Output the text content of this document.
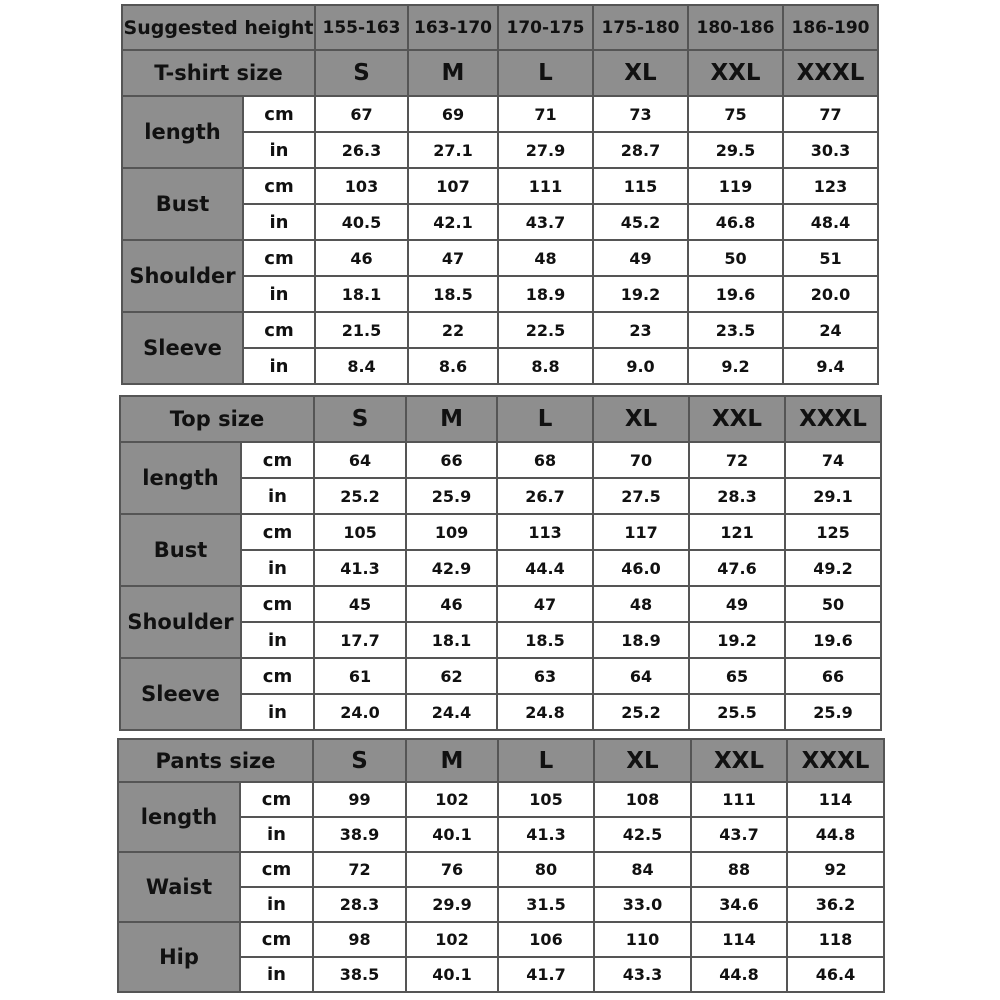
Suggested height		155-163	163-170	170-175	175-180	180-186	186-190
T-shirt size		S	M	L	XL	XXL	XXXL
length	cm	67	69	71	73	75	77
	in	26.3	27.1	27.9	28.7	29.5	30.3
Bust	cm	103	107	111	115	119	123
	in	40.5	42.1	43.7	45.2	46.8	48.4
Shoulder	cm	46	47	48	49	50	51
	in	18.1	18.5	18.9	19.2	19.6	20.0
Sleeve	cm	21.5	22	22.5	23	23.5	24
	in	8.4	8.6	8.8	9.0	9.2	9.4
Top size		S	M	L	XL	XXL	XXXL
length	cm	64	66	68	70	72	74
	in	25.2	25.9	26.7	27.5	28.3	29.1
Bust	cm	105	109	113	117	121	125
	in	41.3	42.9	44.4	46.0	47.6	49.2
Shoulder	cm	45	46	47	48	49	50
	in	17.7	18.1	18.5	18.9	19.2	19.6
Sleeve	cm	61	62	63	64	65	66
	in	24.0	24.4	24.8	25.2	25.5	25.9
Pants size		S	M	L	XL	XXL	XXXL
length	cm	99	102	105	108	111	114
	in	38.9	40.1	41.3	42.5	43.7	44.8
Waist	cm	72	76	80	84	88	92
	in	28.3	29.9	31.5	33.0	34.6	36.2
Hip	cm	98	102	106	110	114	118
	in	38.5	40.1	41.7	43.3	44.8	46.4
